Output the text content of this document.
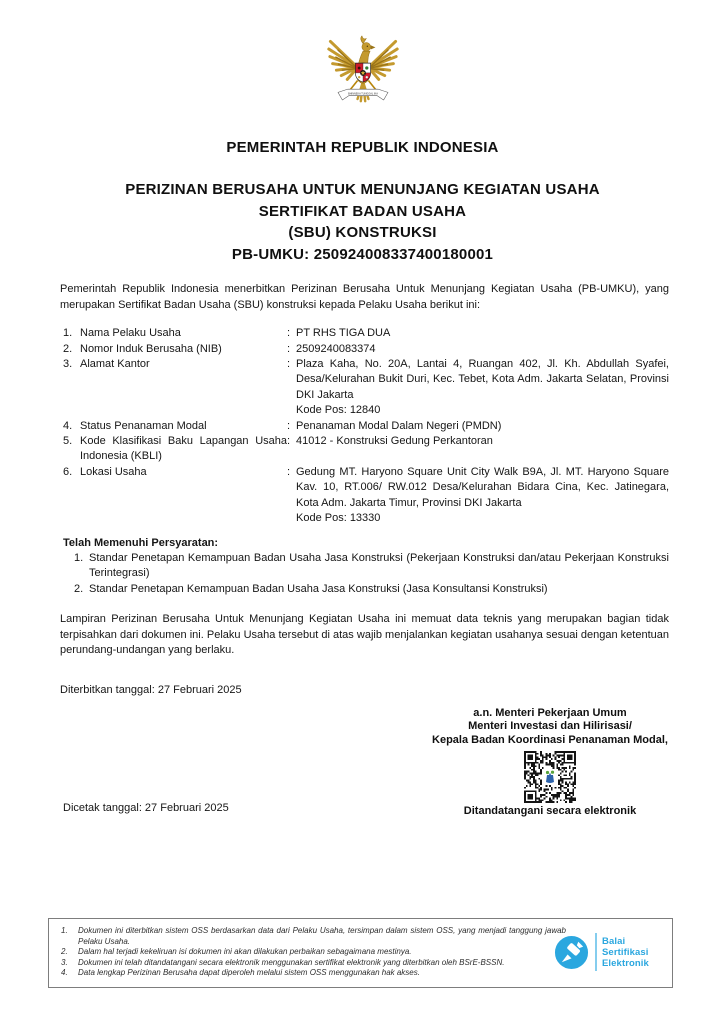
BHINNEKA TUNGGAL IKA
PEMERINTAH REPUBLIK INDONESIA
PERIZINAN BERUSAHA UNTUK MENUNJANG KEGIATAN USAHA
SERTIFIKAT BADAN USAHA
(SBU) KONSTRUKSI
PB-UMKU: 250924008337400180001
Pemerintah Republik Indonesia menerbitkan Perizinan Berusaha Untuk Menunjang Kegiatan Usaha (PB-UMKU), yang merupakan Sertifikat Badan Usaha (SBU) konstruksi kepada Pelaku Usaha berikut ini:
1. Nama Pelaku Usaha	: PT RHS TIGA DUA
2. Nomor Induk Berusaha (NIB)	: 2509240083374
3. Alamat Kantor	: Plaza Kaha, No. 20A, Lantai 4, Ruangan 402, Jl. Kh. Abdullah Syafei, Desa/Kelurahan Bukit Duri, Kec. Tebet, Kota Adm. Jakarta Selatan, Provinsi DKI Jakarta
Kode Pos: 12840
4. Status Penanaman Modal	: Penanaman Modal Dalam Negeri (PMDN)
5. Kode Klasifikasi Baku Lapangan Usaha Indonesia (KBLI)
: 41012 - Konstruksi Gedung Perkantoran
6. Lokasi Usaha	: Gedung MT. Haryono Square Unit City Walk B9A, Jl. MT. Haryono Square Kav. 10, RT.006/ RW.012 Desa/Kelurahan Bidara Cina, Kec. Jatinegara, Kota Adm. Jakarta Timur, Provinsi DKI Jakarta
Kode Pos: 13330
Telah Memenuhi Persyaratan:
1. Standar Penetapan Kemampuan Badan Usaha Jasa Konstruksi (Pekerjaan Konstruksi dan/atau Pekerjaan Konstruksi Terintegrasi)
2. Standar Penetapan Kemampuan Badan Usaha Jasa Konstruksi (Jasa Konsultansi Konstruksi)
Lampiran Perizinan Berusaha Untuk Menunjang Kegiatan Usaha ini memuat data teknis yang merupakan bagian tidak terpisahkan dari dokumen ini. Pelaku Usaha tersebut di atas wajib menjalankan kegiatan usahanya sesuai dengan ketentuan perundang-undangan yang berlaku.
Diterbitkan tanggal: 27 Februari 2025
Dicetak tanggal: 27 Februari 2025
a.n. Menteri Pekerjaan Umum
Menteri Investasi dan Hilirisasi/
Kepala Badan Koordinasi Penanaman Modal,
Ditandatangani secara elektronik
1.	Dokumen ini diterbitkan sistem OSS berdasarkan data dari Pelaku Usaha, tersimpan dalam sistem OSS, yang menjadi tanggung jawab Pelaku Usaha.
2.	Dalam hal terjadi kekeliruan isi dokumen ini akan dilakukan perbaikan sebagaimana mestinya.
3.	Dokumen ini telah ditandatangani secara elektronik menggunakan sertifikat elektronik yang diterbitkan oleh BSrE-BSSN.
4.	Data lengkap Perizinan Berusaha dapat diperoleh melalui sistem OSS menggunakan hak akses.
Balai
Sertifikasi
Elektronik
